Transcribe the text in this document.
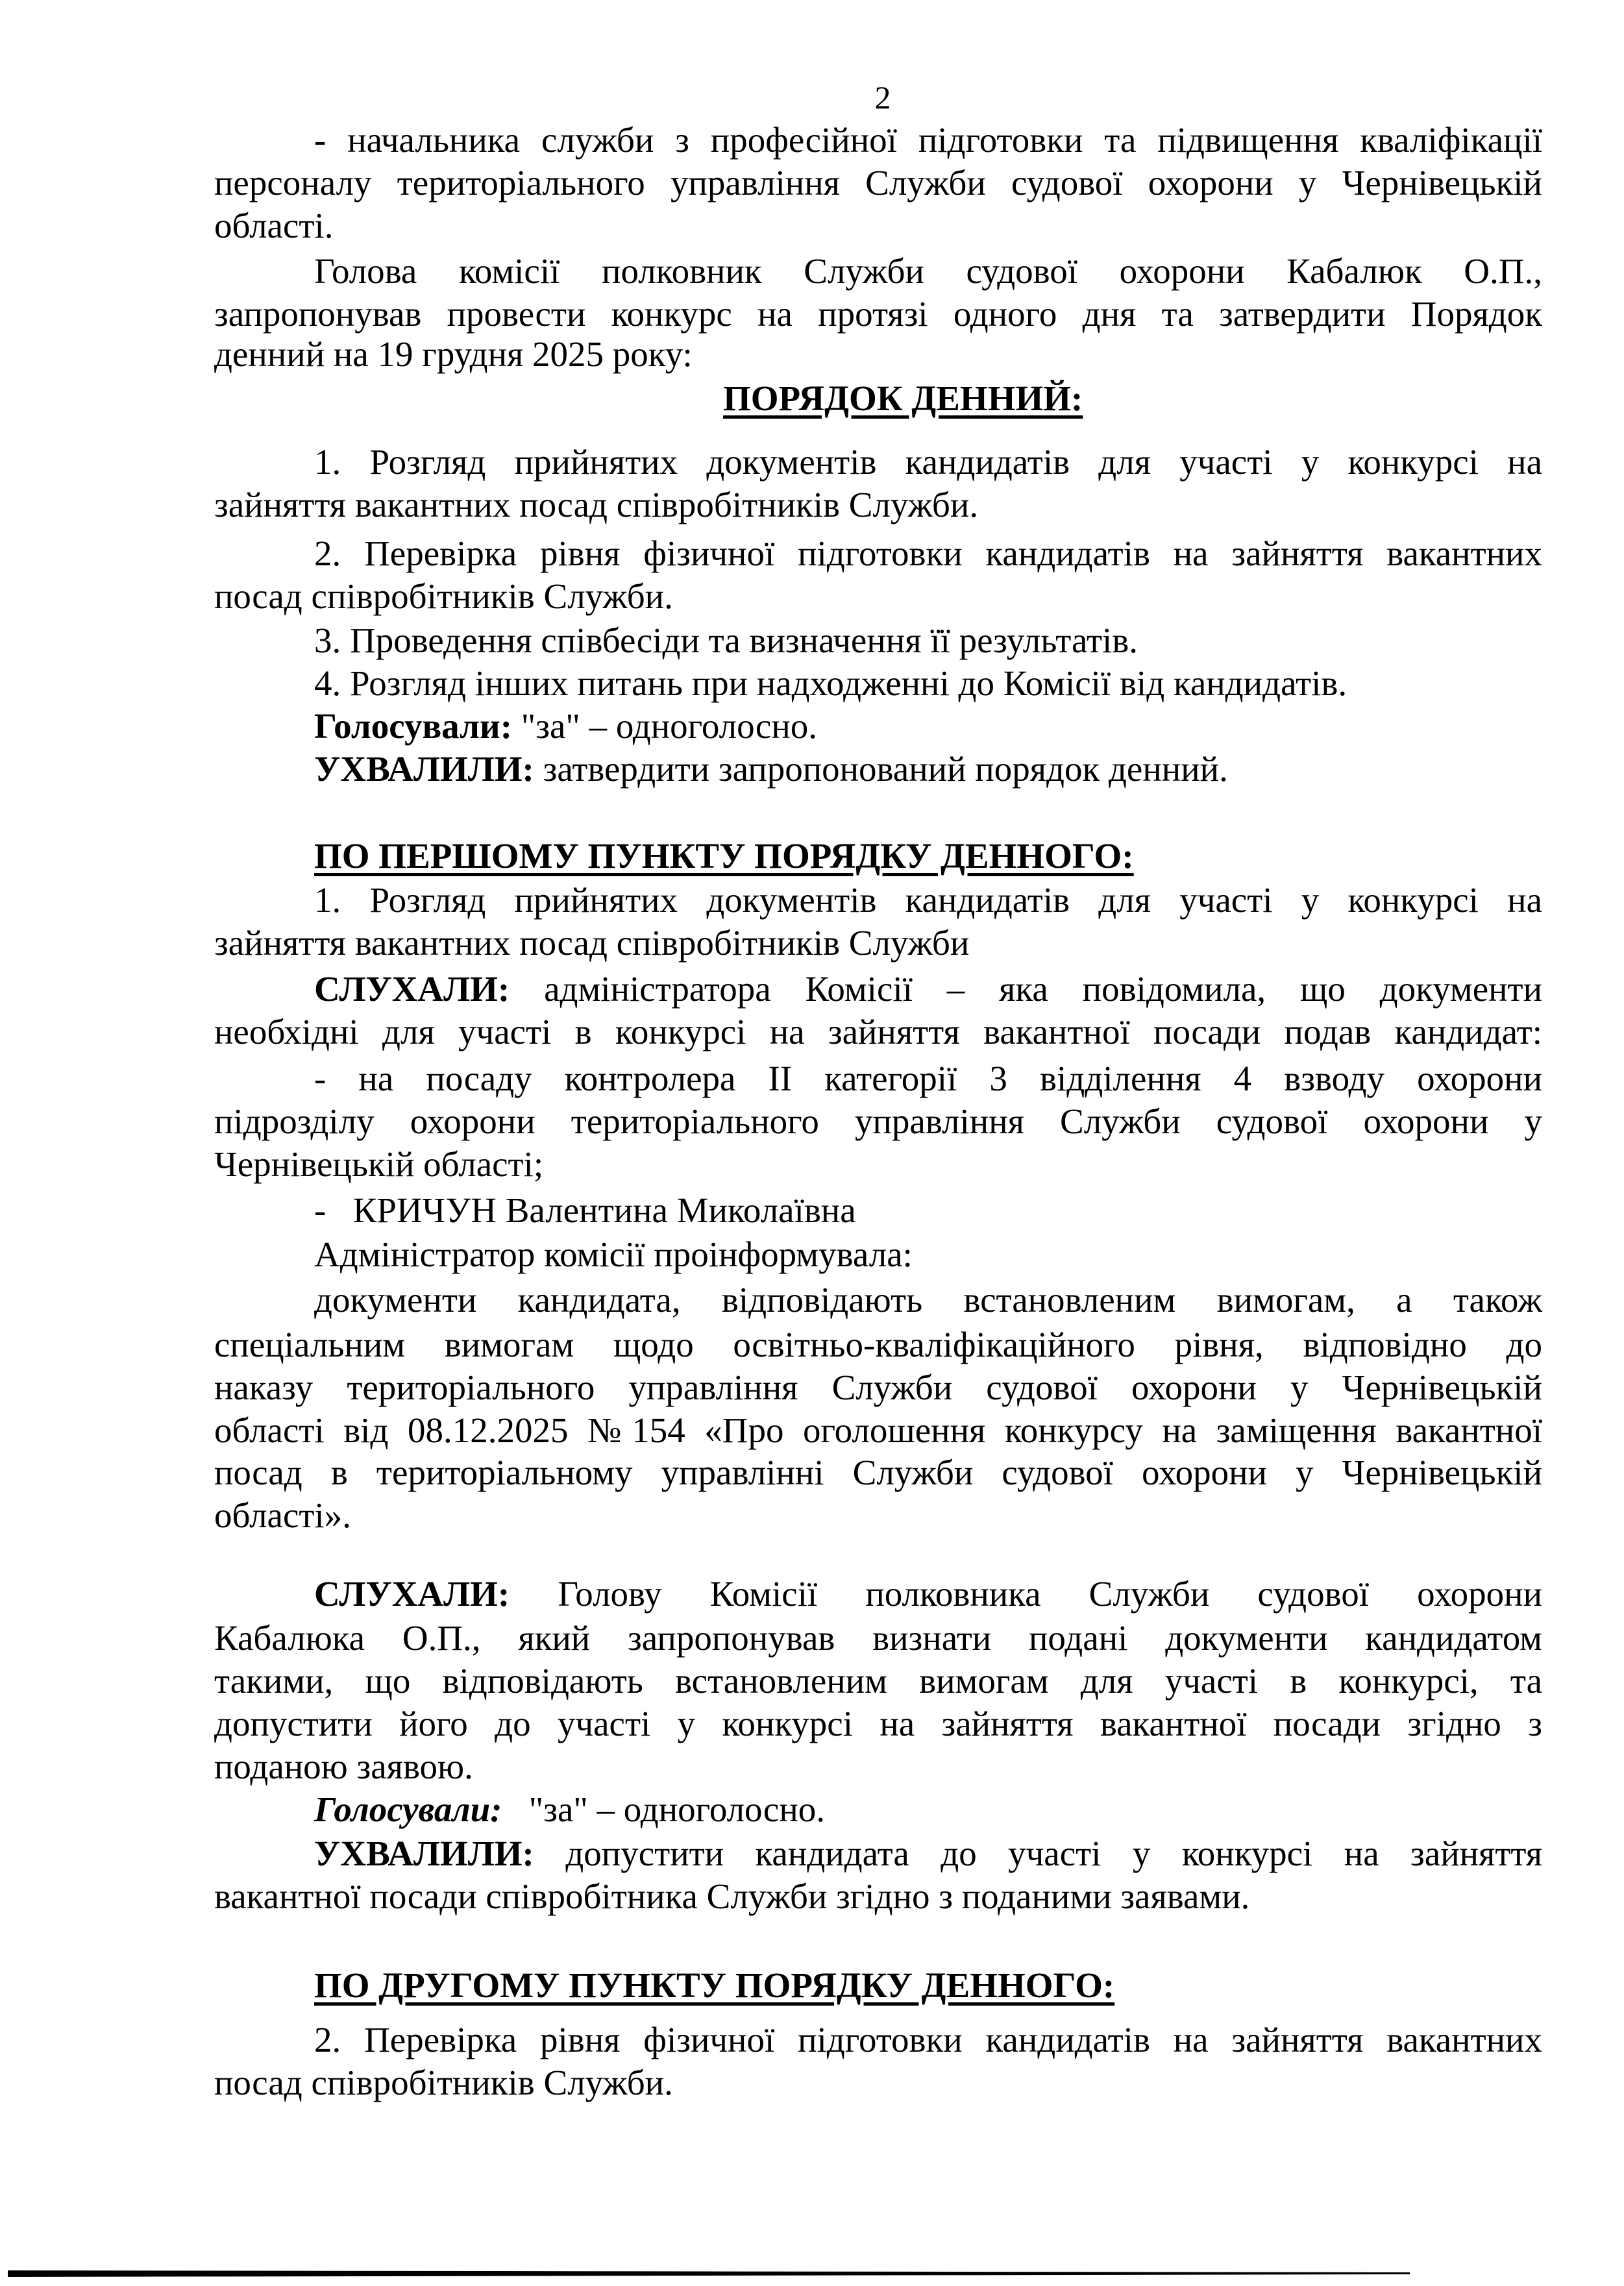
2
- начальника служби з професійної підготовки та підвищення кваліфікації
персоналу територіального управління Служби судової охорони у Чернівецькій
області.
Голова комісії полковник Служби судової охорони Кабалюк О.П.,
запропонував провести конкурс на протязі одного дня та затвердити Порядок
денний на 19 грудня 2025 року:
ПОРЯДОК ДЕННИЙ:
1. Розгляд прийнятих документів кандидатів для участі у конкурсі на
зайняття вакантних посад співробітників Служби.
2. Перевірка рівня фізичної підготовки кандидатів на зайняття вакантних
посад співробітників Служби.
3. Проведення співбесіди та визначення її результатів.
4. Розгляд інших питань при надходженні до Комісії від кандидатів.
Голосували: "за" – одноголосно.
УХВАЛИЛИ: затвердити запропонований порядок денний.
ПО ПЕРШОМУ ПУНКТУ ПОРЯДКУ ДЕННОГО:
1. Розгляд прийнятих документів кандидатів для участі у конкурсі на
зайняття вакантних посад співробітників Служби
СЛУХАЛИ: адміністратора Комісії – яка повідомила, що документи
необхідні для участі в конкурсі на зайняття вакантної посади подав кандидат:
- на посаду контролера ІІ категорії 3 відділення 4 взводу охорони
підрозділу охорони територіального управління Служби судової охорони у
Чернівецькій області;
-   КРИЧУН Валентина Миколаївна
Адміністратор комісії проінформувала:
документи кандидата, відповідають встановленим вимогам, а також
спеціальним вимогам щодо освітньо-кваліфікаційного рівня, відповідно до
наказу територіального управління Служби судової охорони у Чернівецькій
області від 08.12.2025 №154 «Про оголошення конкурсу на заміщення вакантної
посад в територіальному управлінні Служби судової охорони у Чернівецькій
області».
СЛУХАЛИ: Голову Комісії полковника Служби судової охорони
Кабалюка О.П., який запропонував визнати подані документи кандидатом
такими, що відповідають встановленим вимогам для участі в конкурсі, та
допустити його до участі у конкурсі на зайняття вакантної посади згідно з
поданою заявою.
Голосували:   "за" – одноголосно.
УХВАЛИЛИ: допустити кандидата до участі у конкурсі на зайняття
вакантної посади співробітника Служби згідно з поданими заявами.
ПО ДРУГОМУ ПУНКТУ ПОРЯДКУ ДЕННОГО:
2. Перевірка рівня фізичної підготовки кандидатів на зайняття вакантних
посад співробітників Служби.
